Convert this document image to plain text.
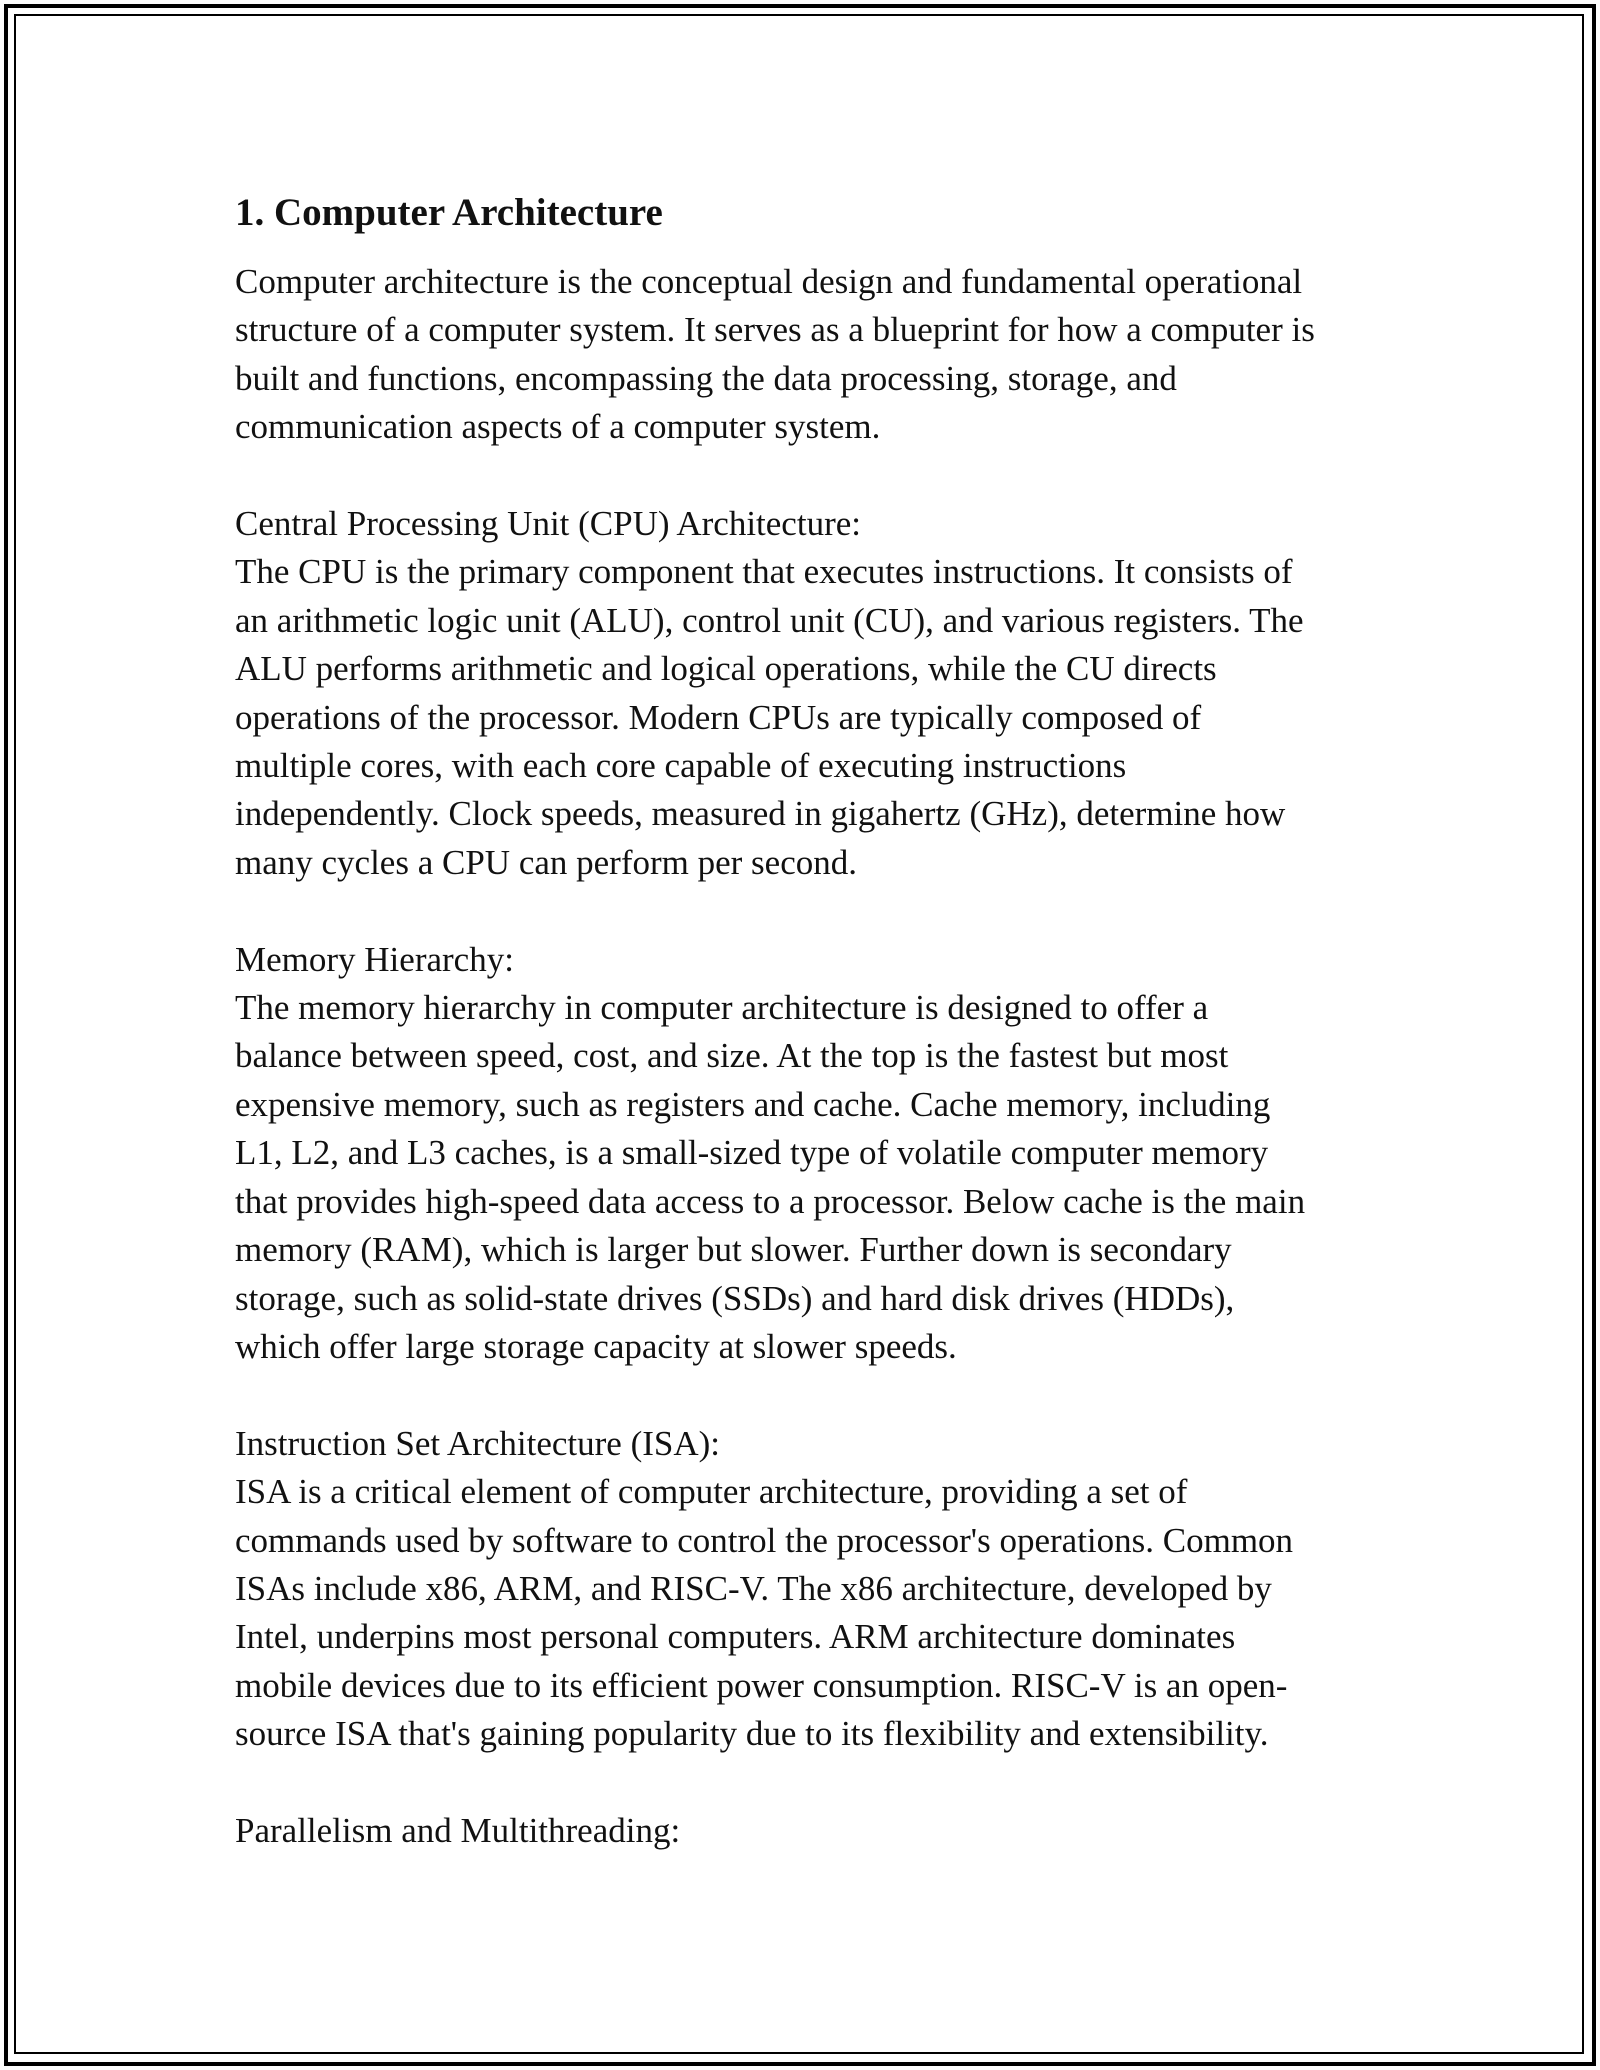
1. Computer Architecture

Computer architecture is the conceptual design and fundamental operational
structure of a computer system. It serves as a blueprint for how a computer is
built and functions, encompassing the data processing, storage, and
communication aspects of a computer system.

Central Processing Unit (CPU) Architecture:

The CPU is the primary component that executes instructions. It consists of
an arithmetic logic unit (ALU), control unit (CU), and various registers. The
ALU performs arithmetic and logical operations, while the CU directs
operations of the processor. Modern CPUs are typically composed of
multiple cores, with each core capable of executing instructions
independently. Clock speeds, measured in gigahertz (GHz), determine how
many cycles a CPU can perform per second.

Memory Hierarchy:

The memory hierarchy in computer architecture is designed to offer a
balance between speed, cost, and size. At the top is the fastest but most
expensive memory, such as registers and cache. Cache memory, including
L1, L2, and L3 caches, is a small-sized type of volatile computer memory
that provides high-speed data access to a processor. Below cache is the main
memory (RAM), which is larger but slower. Further down is secondary
storage, such as solid-state drives (SSDs) and hard disk drives (HDDs),
which offer large storage capacity at slower speeds.

Instruction Set Architecture (ISA):

ISA is a critical element of computer architecture, providing a set of
commands used by software to control the processor's operations. Common
ISAs include x86, ARM, and RISC-V. The x86 architecture, developed by
Intel, underpins most personal computers. ARM architecture dominates
mobile devices due to its efficient power consumption. RISC-V is an open-
source ISA that's gaining popularity due to its flexibility and extensibility.

Parallelism and Multithreading:
